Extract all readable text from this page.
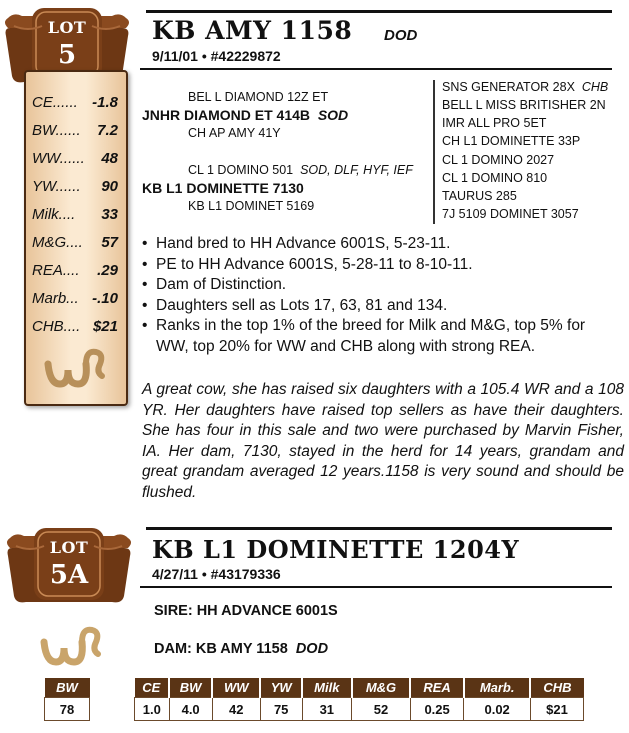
LOT
5
KB AMY 1158 DOD
9/11/01 • #42229872
CE...... -1.8
BW...... 7.2
WW...... 48
YW...... 90
Milk.... 33
M&G.... 57
REA.... .29
Marb... -.10
CHB.... $21
BEL L DIAMOND 12Z ET
JNHR DIAMOND ET 414B SOD
CH AP AMY 41Y
CL 1 DOMINO 501 SOD, DLF, HYF, IEF
KB L1 DOMINETTE 7130
KB L1 DOMINET 5169
SNS GENERATOR 28X CHB
BELL L MISS BRITISHER 2N
IMR ALL PRO 5ET
CH L1 DOMINETTE 33P
CL 1 DOMINO 2027
CL 1 DOMINO 810
TAURUS 285
7J 5109 DOMINET 3057
•  Hand bred to HH Advance 6001S, 5-23-11.
•  PE to HH Advance 6001S, 5-28-11 to 8-10-11.
•  Dam of Distinction.
•  Daughters sell as Lots 17, 63, 81 and 134.
•  Ranks in the top 1% of the breed for Milk and M&G, top 5% for WW, top 20% for WW and CHB along with strong REA.
A great cow, she has raised six daughters with a 105.4 WR and a 108 YR. Her daughters have raised top sellers as have their daughters. She has four in this sale and two were purchased by Marvin Fisher, IA. Her dam, 7130, stayed in the herd for 14 years, grandam and great grandam averaged 12 years.1158 is very sound and should be flushed.
LOT
5A
KB L1 DOMINETTE 1204Y
4/27/11 • #43179336
SIRE: HH ADVANCE 6001S
DAM: KB AMY 1158 DOD
BW
78
CE	BW	WW	YW	Milk	M&G	REA	Marb.	CHB
1.0	4.0	42	75	31	52	0.25	0.02	$21
